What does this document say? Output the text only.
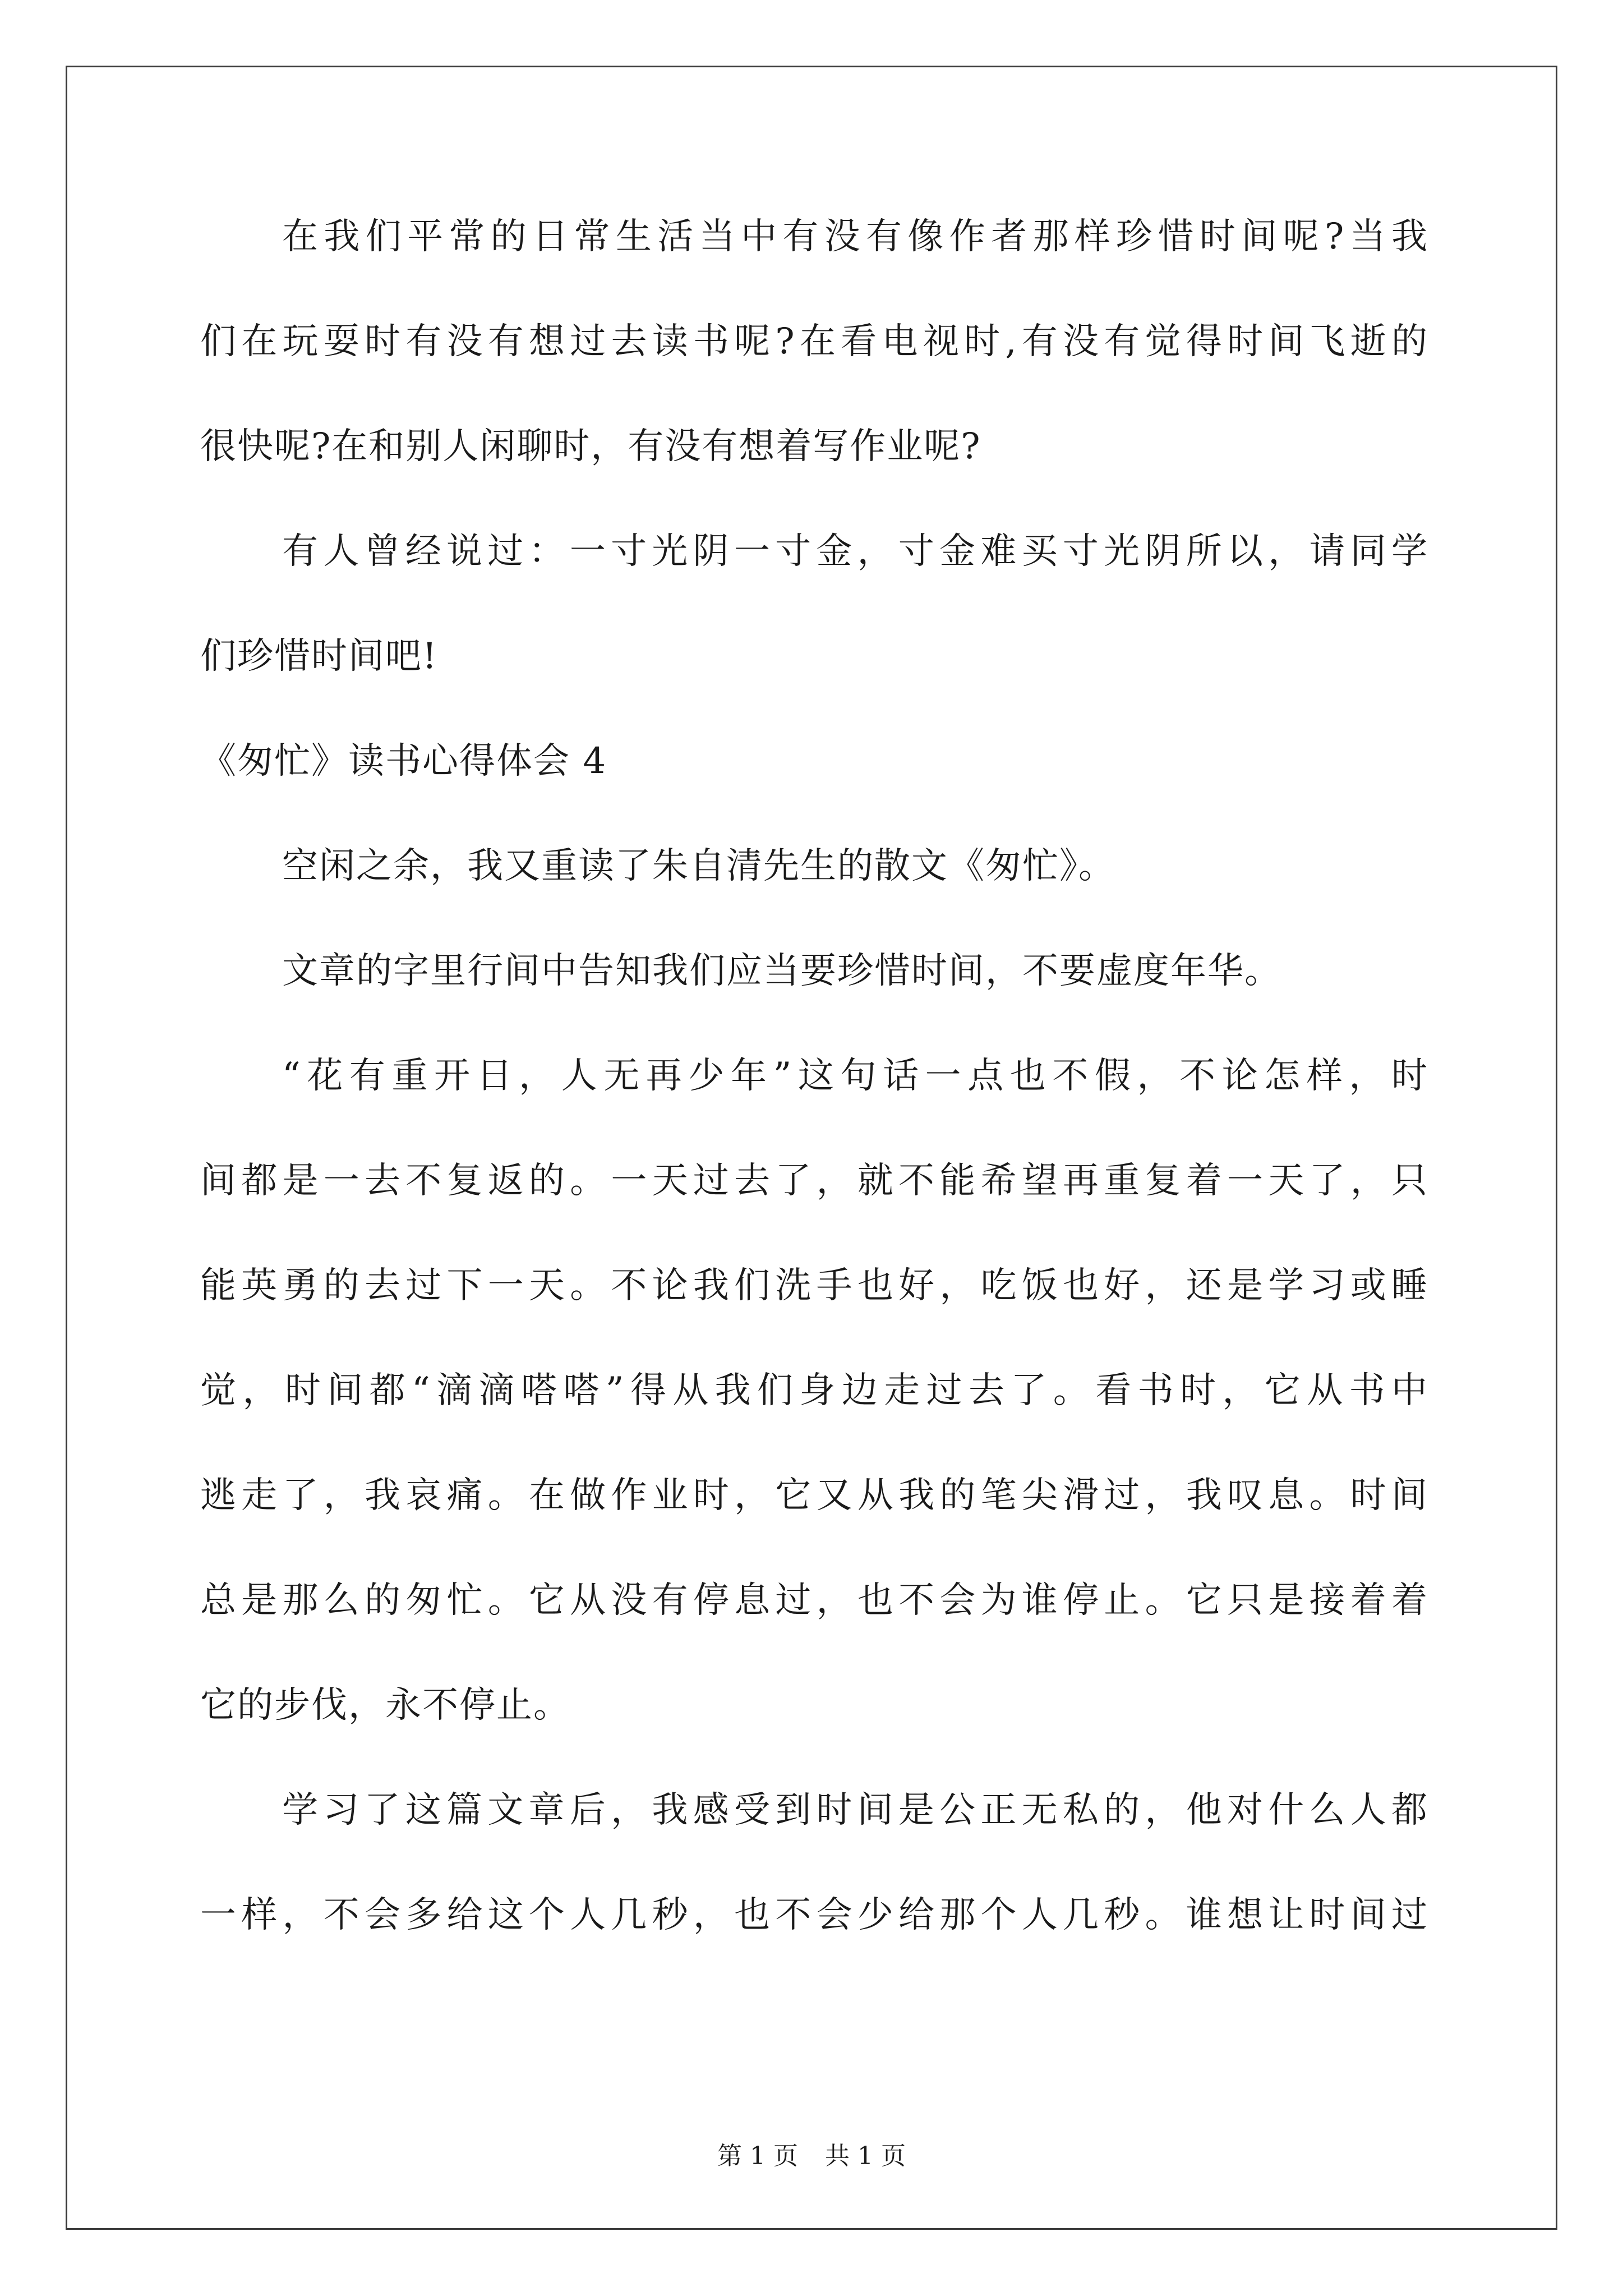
在我们平常的日常生活当中有没有像作者那样珍惜时间呢?当我
们在玩耍时有没有想过去读书呢?在看电视时,有没有觉得时间飞逝的
很快呢?在和别人闲聊时，有没有想着写作业呢?
有人曾经说过：一寸光阴一寸金，寸金难买寸光阴所以，请同学
们珍惜时间吧!
《匆忙》读书心得体会 4
空闲之余，我又重读了朱自清先生的散文《匆忙》。
文章的字里行间中告知我们应当要珍惜时间，不要虚度年华。
“花有重开日，人无再少年”这句话一点也不假，不论怎样，时
间都是一去不复返的。一天过去了，就不能希望再重复着一天了，只
能英勇的去过下一天。不论我们洗手也好，吃饭也好，还是学习或睡
觉，时间都“滴滴嗒嗒”得从我们身边走过去了。看书时，它从书中
逃走了，我哀痛。在做作业时，它又从我的笔尖滑过，我叹息。时间
总是那么的匆忙。它从没有停息过，也不会为谁停止。它只是接着着
它的步伐，永不停止。
学习了这篇文章后，我感受到时间是公正无私的，他对什么人都
一样，不会多给这个人几秒，也不会少给那个人几秒。谁想让时间过
第 1 页 共 1 页
